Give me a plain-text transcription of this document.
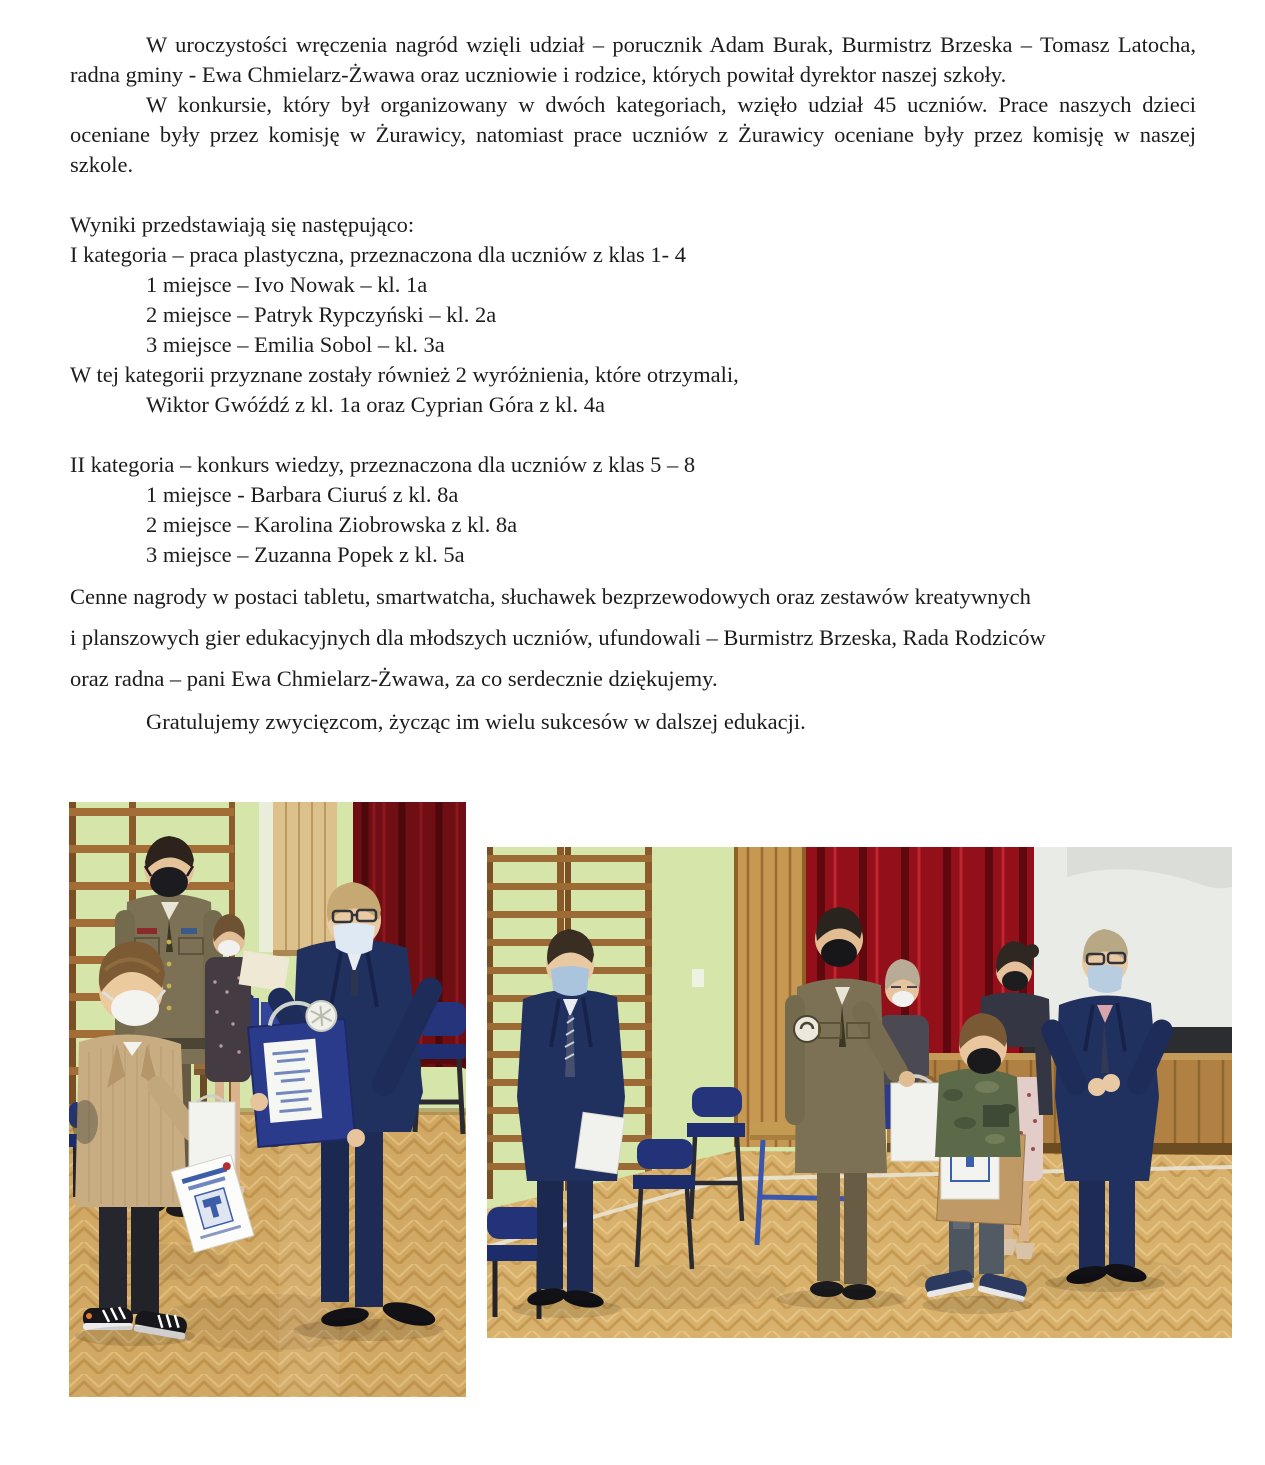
W uroczystości wręczenia nagród wzięli udział – porucznik Adam Burak, Burmistrz Brzeska – Tomasz Latocha, radna gminy - Ewa Chmielarz-Żwawa oraz uczniowie i rodzice, których powitał dyrektor naszej szkoły.

W konkursie, który był organizowany w dwóch kategoriach, wzięło udział 45 uczniów. Prace naszych dzieci oceniane były przez komisję w Żurawicy, natomiast prace uczniów z Żurawicy oceniane były przez komisję w naszej szkole.

Wyniki przedstawiają się następująco:

I kategoria – praca plastyczna, przeznaczona dla uczniów z klas 1- 4

1 miejsce – Ivo Nowak – kl. 1a

2 miejsce – Patryk Rypczyński – kl. 2a

3 miejsce – Emilia Sobol – kl. 3a

W tej kategorii przyznane zostały również 2 wyróżnienia, które otrzymali,

Wiktor Gwóźdź z kl. 1a oraz Cyprian Góra z kl. 4a

II kategoria – konkurs wiedzy, przeznaczona dla uczniów z klas 5 – 8

1 miejsce - Barbara Ciuruś z kl. 8a

2 miejsce – Karolina Ziobrowska z kl. 8a

3 miejsce – Zuzanna Popek z kl. 5a

Cenne nagrody w postaci tabletu, smartwatcha, słuchawek bezprzewodowych oraz zestawów kreatywnych

i planszowych gier edukacyjnych dla młodszych uczniów, ufundowali – Burmistrz Brzeska, Rada Rodziców

oraz radna – pani Ewa Chmielarz-Żwawa, za co serdecznie dziękujemy.

Gratulujemy zwycięzcom, życząc im wielu sukcesów w dalszej edukacji.
